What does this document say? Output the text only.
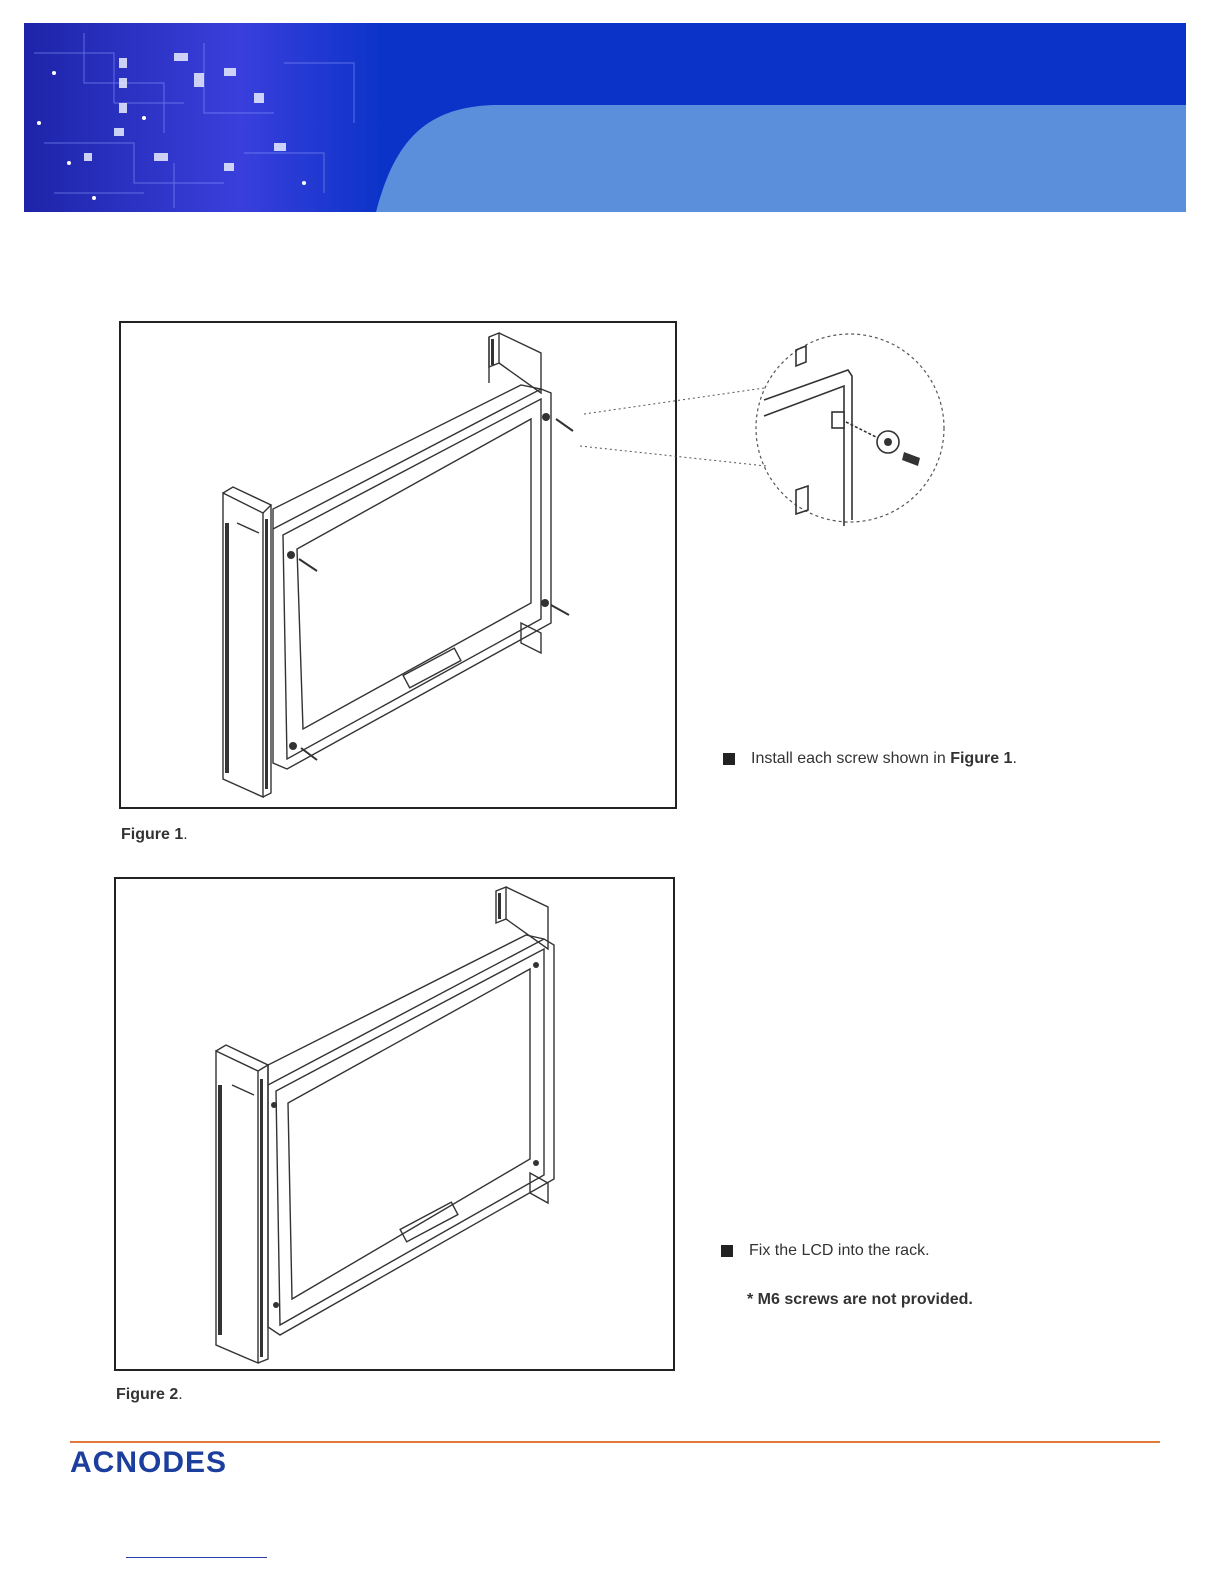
Figure 1.
Install each screw shown in Figure 1 .
Figure 2.
Fix the LCD into the rack.
* M6 screws are not provided.
ACNODES
